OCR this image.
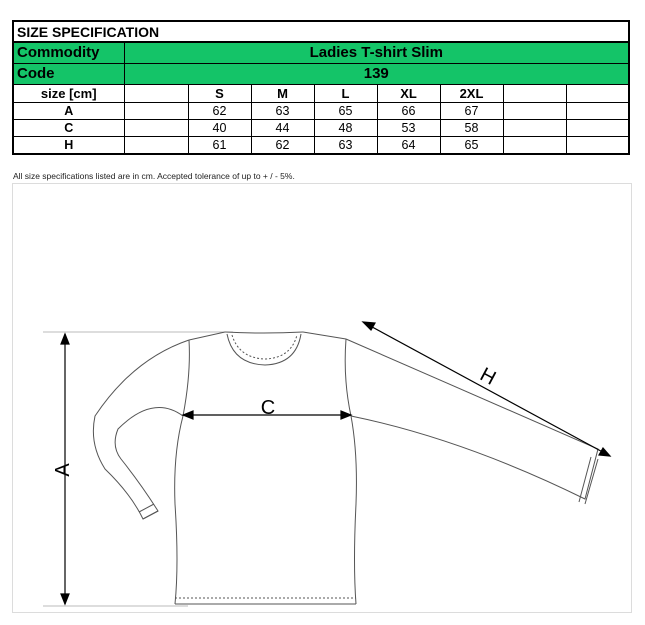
SIZE SPECIFICATION								
Commodity	Ladies T-shirt Slim							
Code	139							
size [cm]		S	M	L	XL	2XL		
A		62	63	65	66	67		
C		40	44	48	53	58		
H		61	62	63	64	65		
All size specifications listed are in cm. Accepted tolerance of up to + / - 5%.
A
C
H
